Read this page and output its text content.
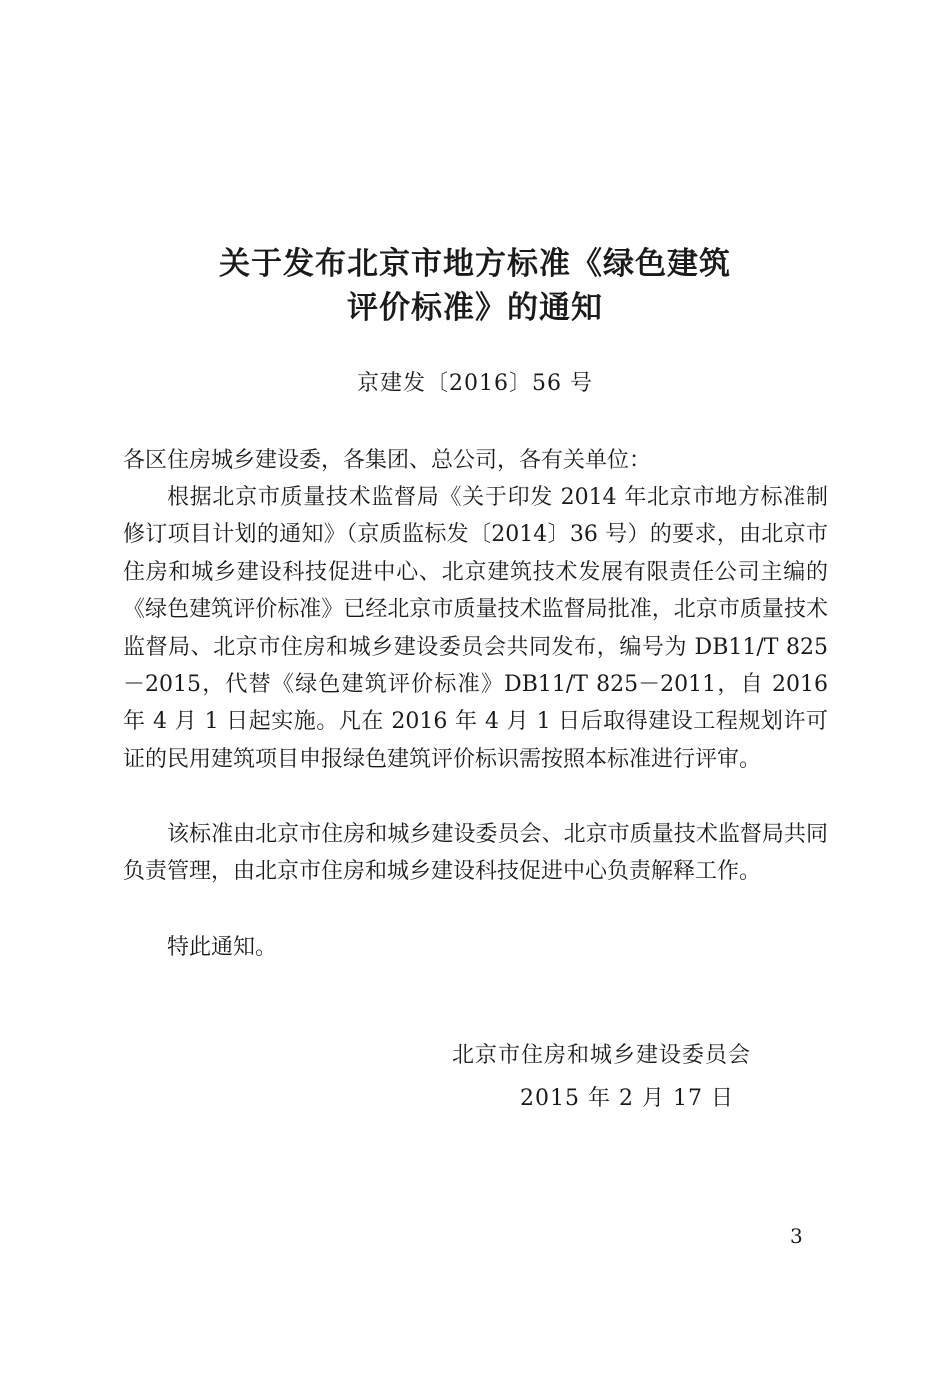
关于发布北京市地方标准《绿色建筑
评价标准》的通知
京建发〔2016〕56 号

各区住房城乡建设委，各集团、总公司，各有关单位：

根据北京市质量技术监督局《关于印发 2014 年北京市地方标准制修订项目计划的通知》（京质监标发〔2014〕36 号）的要求，由北京市住房和城乡建设科技促进中心、北京建筑技术发展有限责任公司主编的《绿色建筑评价标准》已经北京市质量技术监督局批准，北京市质量技术监督局、北京市住房和城乡建设委员会共同发布，编号为 DB11/T 825－2015，代替《绿色建筑评价标准》DB11/T 825－2011，自 2016 年 4 月 1 日起实施。凡在 2016 年 4 月 1 日后取得建设工程规划许可证的民用建筑项目申报绿色建筑评价标识需按照本标准进行评审。

该标准由北京市住房和城乡建设委员会、北京市质量技术监督局共同负责管理，由北京市住房和城乡建设科技促进中心负责解释工作。

特此通知。

北京市住房和城乡建设委员会
2015 年 2 月 17 日
3
